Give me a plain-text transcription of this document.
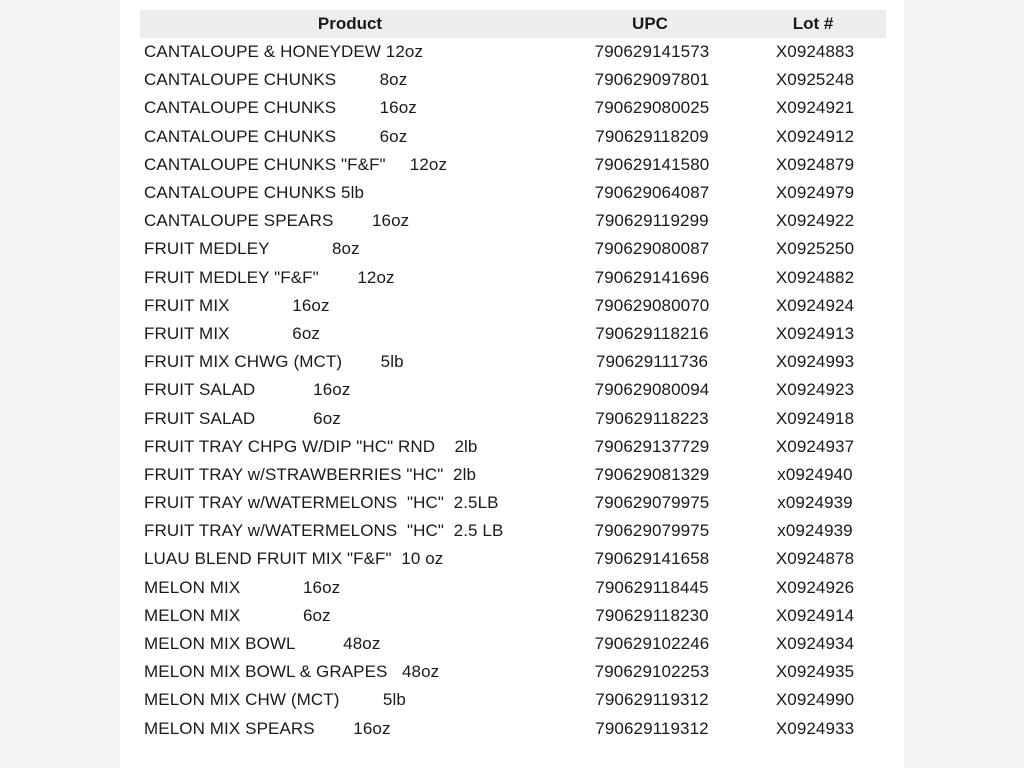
Product	UPC	Lot #
CANTALOUPE & HONEYDEW 12oz	790629141573	X0924883
CANTALOUPE CHUNKS         8oz	790629097801	X0925248
CANTALOUPE CHUNKS         16oz	790629080025	X0924921
CANTALOUPE CHUNKS         6oz	790629118209	X0924912
CANTALOUPE CHUNKS "F&F"     12oz	790629141580	X0924879
CANTALOUPE CHUNKS 5lb	790629064087	X0924979
CANTALOUPE SPEARS        16oz	790629119299	X0924922
FRUIT MEDLEY             8oz	790629080087	X0925250
FRUIT MEDLEY "F&F"        12oz	790629141696	X0924882
FRUIT MIX             16oz	790629080070	X0924924
FRUIT MIX             6oz	790629118216	X0924913
FRUIT MIX CHWG (MCT)        5lb	790629111736	X0924993
FRUIT SALAD            16oz	790629080094	X0924923
FRUIT SALAD            6oz	790629118223	X0924918
FRUIT TRAY CHPG W/DIP "HC" RND    2lb	790629137729	X0924937
FRUIT TRAY w/STRAWBERRIES "HC"  2lb	790629081329	x0924940
FRUIT TRAY w/WATERMELONS  "HC"  2.5LB	790629079975	x0924939
FRUIT TRAY w/WATERMELONS  "HC"  2.5 LB	790629079975	x0924939
LUAU BLEND FRUIT MIX "F&F"  10 oz	790629141658	X0924878
MELON MIX             16oz	790629118445	X0924926
MELON MIX             6oz	790629118230	X0924914
MELON MIX BOWL          48oz	790629102246	X0924934
MELON MIX BOWL & GRAPES   48oz	790629102253	X0924935
MELON MIX CHW (MCT)         5lb	790629119312	X0924990
MELON MIX SPEARS        16oz	790629119312	X0924933
